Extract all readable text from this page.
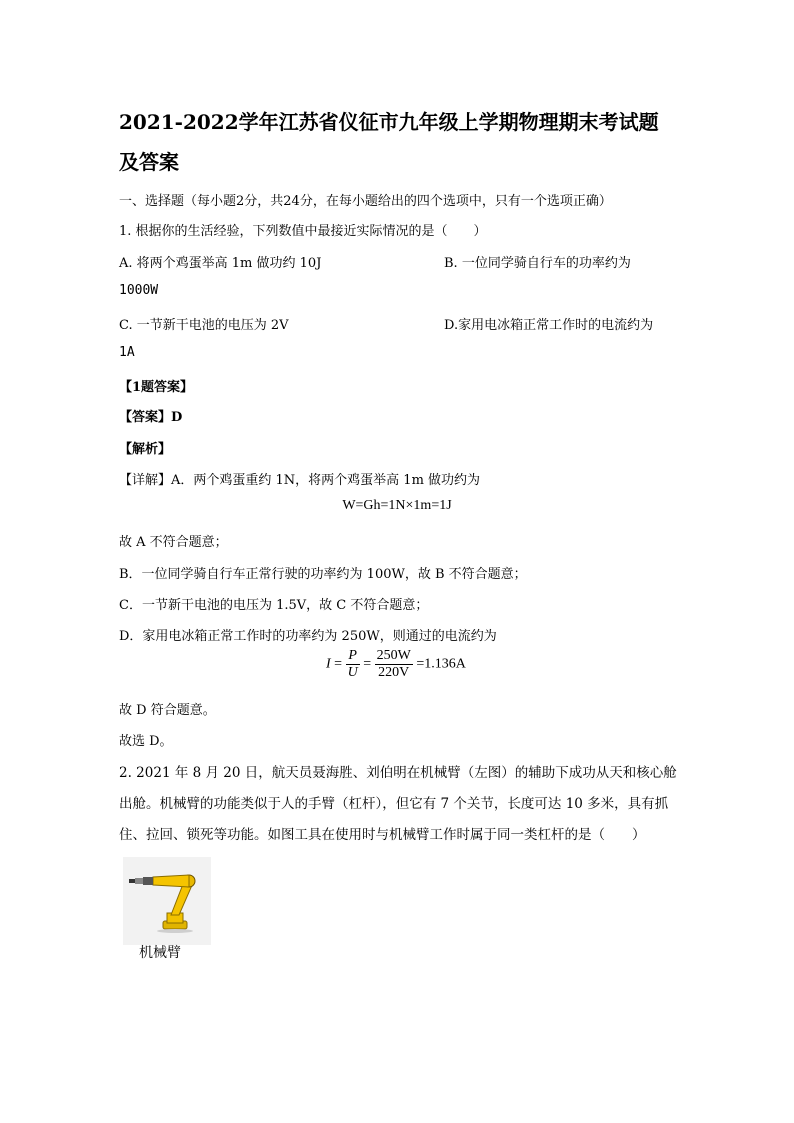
2021-2022学年江苏省仪征市九年级上学期物理期末考试题
及答案
一、选择题（每小题2分，共24分，在每小题给出的四个选项中，只有一个选项正确）
1. 根据你的生活经验，下列数值中最接近实际情况的是（　　）
A. 将两个鸡蛋举高 1m 做功约 10J	B. 一位同学骑自行车的功率约为
1000W
C. 一节新干电池的电压为 2V	D.家用电冰箱正常工作时的电流约为
1A
【1题答案】
【答案】D
【解析】
【详解】A．两个鸡蛋重约 1N，将两个鸡蛋举高 1m 做功约为
W=Gh=1N×1m=1J
故 A 不符合题意；
B．一位同学骑自行车正常行驶的功率约为 100W，故 B 不符合题意；
C．一节新干电池的电压为 1.5V，故 C 不符合题意；
D．家用电冰箱正常工作时的功率约为 250W，则通过的电流约为
$I = \frac{P}{U} = \frac{250W}{220V} =1.136A$
故 D 符合题意。
故选 D。
2. 2021 年 8 月 20 日，航天员聂海胜、刘伯明在机械臂（左图）的辅助下成功从天和核心舱
出舱。机械臂的功能类似于人的手臂（杠杆），但它有 7 个关节，长度可达 10 多米，具有抓
住、拉回、锁死等功能。如图工具在使用时与机械臂工作时属于同一类杠杆的是（　　）
机械臂
